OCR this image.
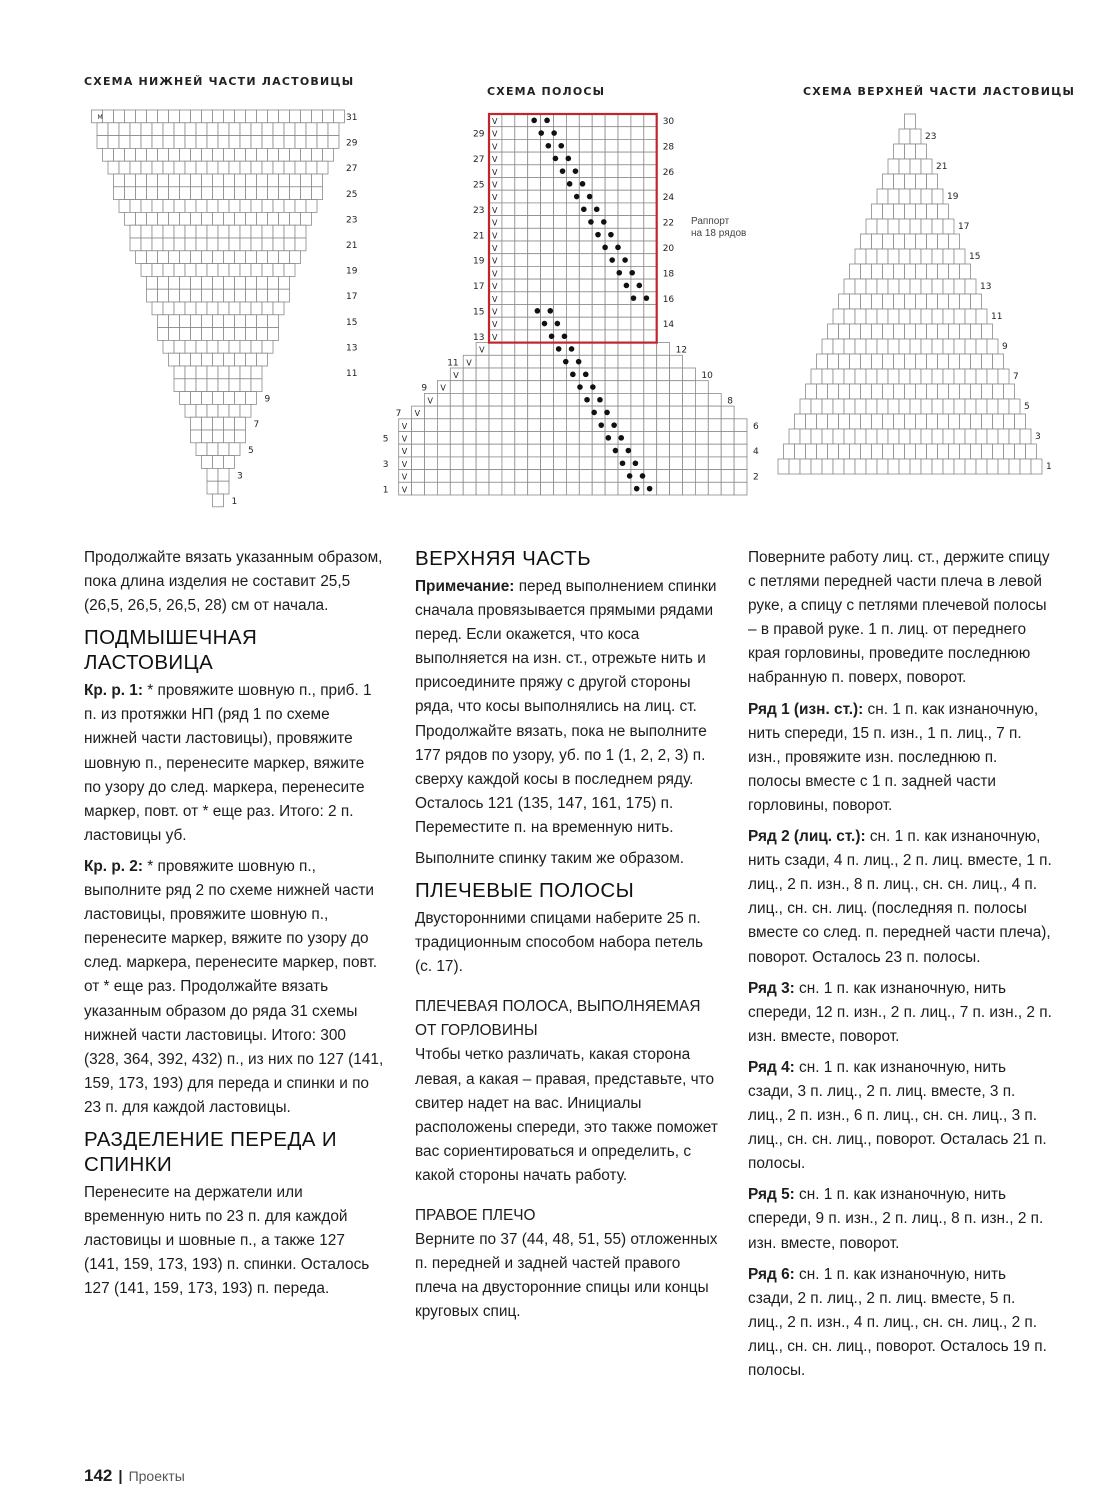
СХЕМА НИЖНЕЙ ЧАСТИ ЛАСТОВИЦЫ
СХЕМА ПОЛОСЫ	СХЕМА ВЕРХНЕЙ ЧАСТИ ЛАСТОВИЦЫ
M	31
29
27
25
23
21
19
17
15
13
11
9
7
5
3
1
V
V
V
V
V
V
V
V
V
V
V
V
V
V
V
V
V
V
V
V
V
V
V
V
V
V
V
V
V
V
29
27
25
23
21
19
17
15
13
11
9
7
5
3
1
30
28
26
24
22
20
18
16
14
12
10
8
6
4
2
Раппорт
на 18 рядов
23
21
19
17
15
13
11
9
7
5
3
1

Продолжайте вязать указанным образом, пока длина изделия не составит 25,5 (26,5, 26,5, 26,5, 28) см от начала.

ПОДМЫШЕЧНАЯ ЛАСТОВИЦА

Кр. р. 1: * провяжите шовную п., приб. 1 п. из протяжки НП (ряд 1 по схеме нижней части ластовицы), провяжите шовную п., перенесите маркер, вяжите по узору до след. маркера, перенесите маркер, повт. от * еще раз. Итого: 2 п. ластовицы уб.

Кр. р. 2: * провяжите шовную п., выполните ряд 2 по схеме нижней части ластовицы, провяжите шовную п., перенесите маркер, вяжите по узору до след. маркера, перенесите маркер, повт. от * еще раз. Продолжайте вязать указанным образом до ряда 31 схемы нижней части ластовицы. Итого: 300 (328, 364, 392, 432) п., из них по 127 (141, 159, 173, 193) для переда и спинки и по 23 п. для каждой ластовицы.

РАЗДЕЛЕНИЕ ПЕРЕДА И СПИНКИ

Перенесите на держатели или временную нить по 23 п. для каждой ластовицы и шовные п., а также 127 (141, 159, 173, 193) п. спинки. Осталось 127 (141, 159, 173, 193) п. переда.

ВЕРХНЯЯ ЧАСТЬ

Примечание: перед выполнением спинки сначала провязывается прямыми рядами перед. Если окажется, что коса выполняется на изн. ст., отрежьте нить и присоедините пряжу с другой стороны ряда, что косы выполнялись на лиц. ст. Продолжайте вязать, пока не выполните 177 рядов по узору, уб. по 1 (1, 2, 2, 3) п. сверху каждой косы в последнем ряду. Осталось 121 (135, 147, 161, 175) п. Переместите п. на временную нить.

Выполните спинку таким же образом.

ПЛЕЧЕВЫЕ ПОЛОСЫ

Двусторонними спицами наберите 25 п. традиционным способом набора петель (с. 17).

ПЛЕЧЕВАЯ ПОЛОСА, ВЫПОЛНЯЕМАЯ ОТ ГОРЛОВИНЫ

Чтобы четко различать, какая сторона левая, а какая – правая, представьте, что свитер надет на вас. Инициалы расположены спереди, это также поможет вас сориентироваться и определить, с какой стороны начать работу.

ПРАВОЕ ПЛЕЧО

Верните по 37 (44, 48, 51, 55) отложенных п. передней и задней частей правого плеча на двусторонние спицы или концы круговых спиц.

Поверните работу лиц. ст., держите спицу с петлями передней части плеча в левой руке, а спицу с петлями плечевой полосы – в правой руке. 1 п. лиц. от переднего края горловины, проведите последнюю набранную п. поверх, поворот.

Ряд 1 (изн. ст.): сн. 1 п. как изнаночную, нить спереди, 15 п. изн., 1 п. лиц., 7 п. изн., провяжите изн. последнюю п. полосы вместе с 1 п. задней части горловины, поворот.

Ряд 2 (лиц. ст.): сн. 1 п. как изнаночную, нить сзади, 4 п. лиц., 2 п. лиц. вместе, 1 п. лиц., 2 п. изн., 8 п. лиц., сн. сн. лиц., 4 п. лиц., сн. сн. лиц. (последняя п. полосы вместе со след. п. передней части плеча), поворот. Осталось 23 п. полосы.

Ряд 3: сн. 1 п. как изнаночную, нить спереди, 12 п. изн., 2 п. лиц., 7 п. изн., 2 п. изн. вместе, поворот.

Ряд 4: сн. 1 п. как изнаночную, нить сзади, 3 п. лиц., 2 п. лиц. вместе, 3 п. лиц., 2 п. изн., 6 п. лиц., сн. сн. лиц., 3 п. лиц., сн. сн. лиц., поворот. Осталась 21 п. полосы.

Ряд 5: сн. 1 п. как изнаночную, нить спереди, 9 п. изн., 2 п. лиц., 8 п. изн., 2 п. изн. вместе, поворот.

Ряд 6: сн. 1 п. как изнаночную, нить сзади, 2 п. лиц., 2 п. лиц. вместе, 5 п. лиц., 2 п. изн., 4 п. лиц., сн. сн. лиц., 2 п. лиц., сн. сн. лиц., поворот. Осталось 19 п. полосы.

142 | Проекты
